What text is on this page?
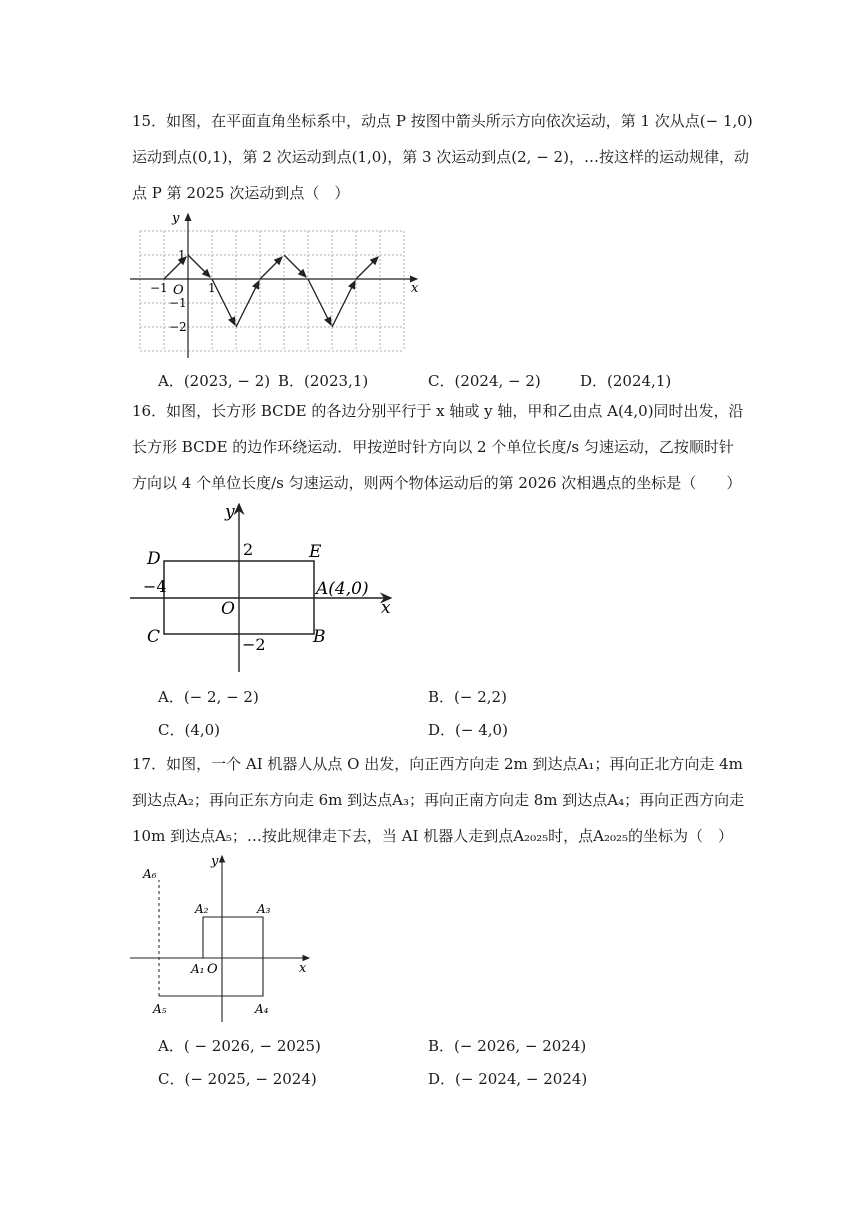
15．如图，在平面直角坐标系中，动点 P 按图中箭头所示方向依次运动，第 1 次从点(− 1,0)
运动到点(0,1)，第 2 次运动到点(1,0)，第 3 次运动到点(2, − 2)，…按这样的运动规律，动
点 P 第 2025 次运动到点（　）
y
x
O
−1	1
1
−1
−2
A．(2023, − 2) B．(2023,1)	C．(2024, − 2)	D．(2024,1)
16．如图，长方形 BCDE 的各边分别平行于 x 轴或 y 轴，甲和乙由点 A(4,0)同时出发，沿
长方形 BCDE 的边作环绕运动．甲按逆时针方向以 2 个单位长度/s 匀速运动，乙按顺时针
方向以 4 个单位长度/s 匀速运动，则两个物体运动后的第 2026 次相遇点的坐标是（　　）
y
x
O
D	E
C	B
A(4,0)
2
−4
−2
A．(− 2, − 2)	B．(− 2,2)
C．(4,0)	D．(− 4,0)
17．如图，一个 AI 机器人从点 O 出发，向正西方向走 2m 到达点A₁；再向正北方向走 4m
到达点A₂；再向正东方向走 6m 到达点A₃；再向正南方向走 8m 到达点A₄；再向正西方向走
10m 到达点A₅；…按此规律走下去，当 AI 机器人走到点A₂₀₂₅时，点A₂₀₂₅的坐标为（　）
y
x
O
A₁
A₂	A₃
A₄
A₅
A₆
A．( − 2026, − 2025)	B．(− 2026, − 2024)
C．(− 2025, − 2024)	D．(− 2024, − 2024)
